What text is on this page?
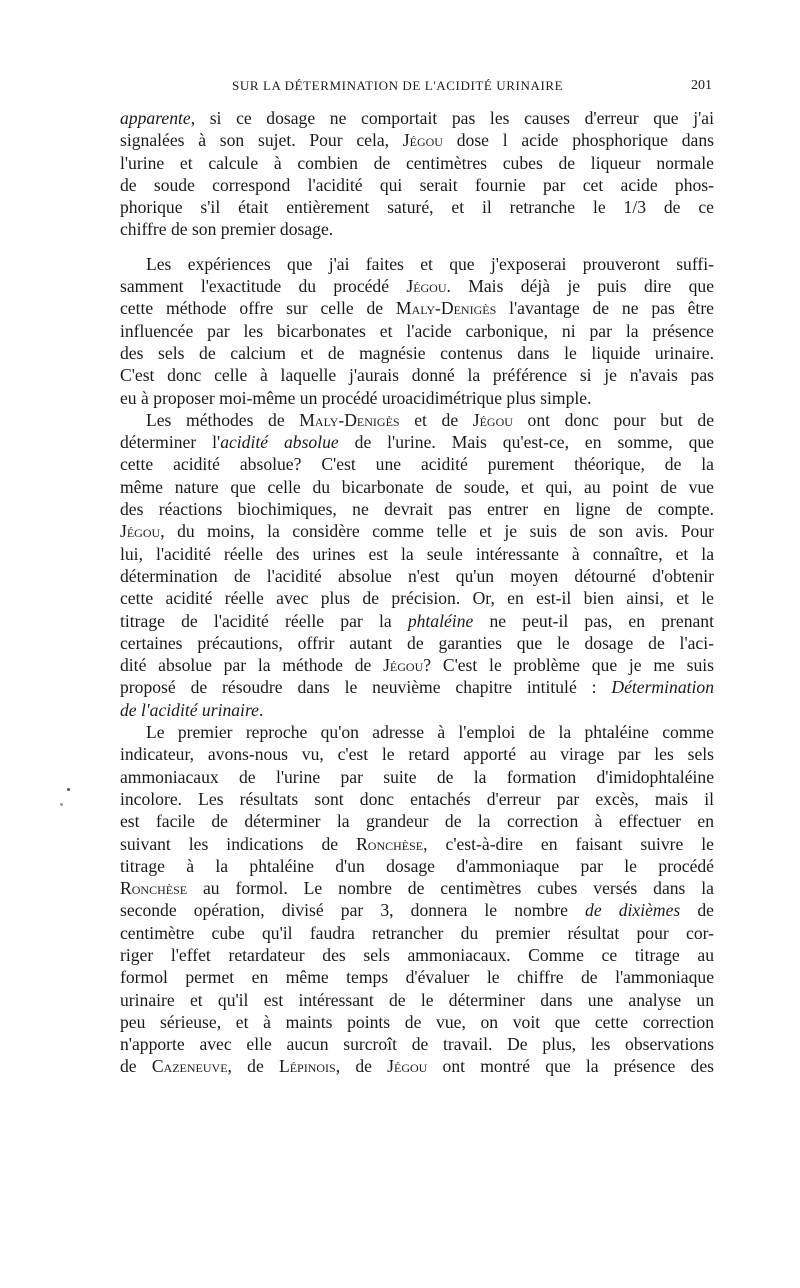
SUR LA DÉTERMINATION DE L'ACIDITÉ URINAIRE	201
apparente, si ce dosage ne comportait pas les causes d'erreur que j'ai
signalées à son sujet. Pour cela, Jégou dose l acide phosphorique dans
l'urine et calcule à combien de centimètres cubes de liqueur normale
de soude correspond l'acidité qui serait fournie par cet acide phos-
phorique s'il était entièrement saturé, et il retranche le 1/3 de ce
chiffre de son premier dosage.
Les expériences que j'ai faites et que j'exposerai prouveront suffi-
samment l'exactitude du procédé Jégou. Mais déjà je puis dire que
cette méthode offre sur celle de Maly-Denigès l'avantage de ne pas être
influencée par les bicarbonates et l'acide carbonique, ni par la présence
des sels de calcium et de magnésie contenus dans le liquide urinaire.
C'est donc celle à laquelle j'aurais donné la préférence si je n'avais pas
eu à proposer moi-même un procédé uroacidimétrique plus simple.
Les méthodes de Maly-Denigès et de Jégou ont donc pour but de
déterminer l'acidité absolue de l'urine. Mais qu'est-ce, en somme, que
cette acidité absolue? C'est une acidité purement théorique, de la
même nature que celle du bicarbonate de soude, et qui, au point de vue
des réactions biochimiques, ne devrait pas entrer en ligne de compte.
Jégou, du moins, la considère comme telle et je suis de son avis. Pour
lui, l'acidité réelle des urines est la seule intéressante à connaître, et la
détermination de l'acidité absolue n'est qu'un moyen détourné d'obtenir
cette acidité réelle avec plus de précision. Or, en est-il bien ainsi, et le
titrage de l'acidité réelle par la phtaléine ne peut-il pas, en prenant
certaines précautions, offrir autant de garanties que le dosage de l'aci-
dité absolue par la méthode de Jégou? C'est le problème que je me suis
proposé de résoudre dans le neuvième chapitre intitulé : Détermination
de l'acidité urinaire.
Le premier reproche qu'on adresse à l'emploi de la phtaléine comme
indicateur, avons-nous vu, c'est le retard apporté au virage par les sels
ammoniacaux de l'urine par suite de la formation d'imidophtaléine
incolore. Les résultats sont donc entachés d'erreur par excès, mais il
est facile de déterminer la grandeur de la correction à effectuer en
suivant les indications de Ronchèse, c'est-à-dire en faisant suivre le
titrage à la phtaléine d'un dosage d'ammoniaque par le procédé
Ronchèse au formol. Le nombre de centimètres cubes versés dans la
seconde opération, divisé par 3, donnera le nombre de dixièmes de
centimètre cube qu'il faudra retrancher du premier résultat pour cor-
riger l'effet retardateur des sels ammoniacaux. Comme ce titrage au
formol permet en même temps d'évaluer le chiffre de l'ammoniaque
urinaire et qu'il est intéressant de le déterminer dans une analyse un
peu sérieuse, et à maints points de vue, on voit que cette correction
n'apporte avec elle aucun surcroît de travail. De plus, les observations
de Cazeneuve, de Lépinois, de Jégou ont montré que la présence des
